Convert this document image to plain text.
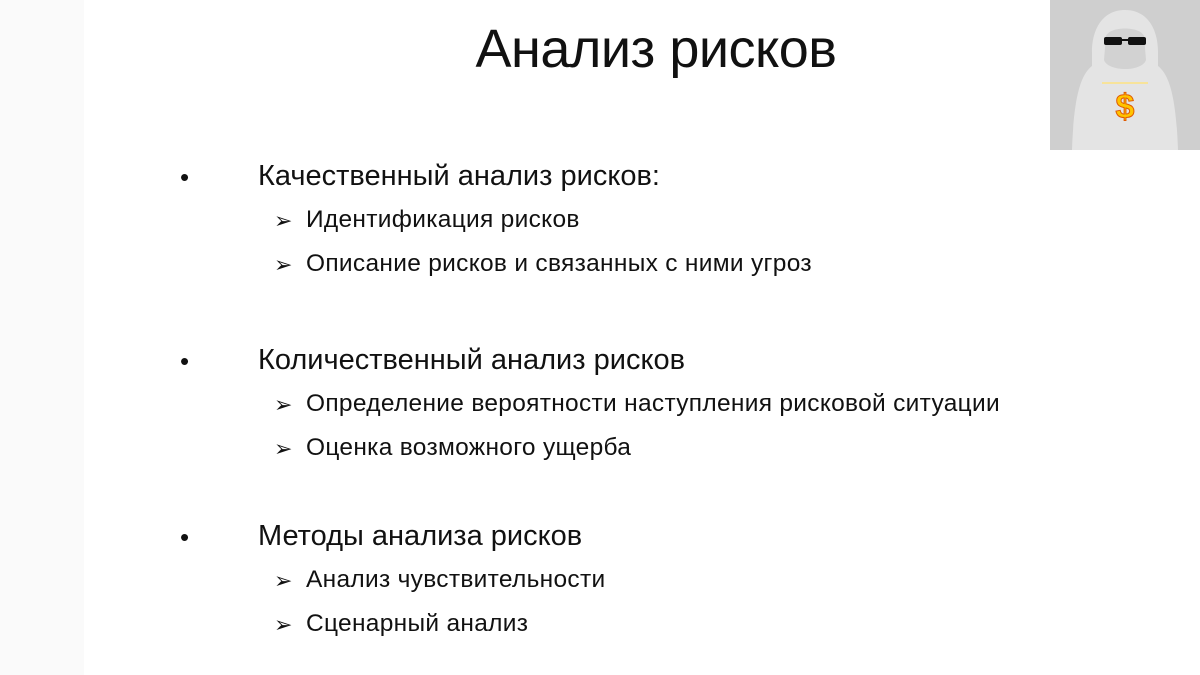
Анализ рисков
• Качественный анализ рисков:
➢ Идентификация рисков
➢ Описание рисков и связанных с ними угроз
• Количественный анализ рисков
➢ Определение вероятности наступления рисковой ситуации
➢ Оценка возможного ущерба
• Методы анализа рисков
➢ Анализ чувствительности
➢ Сценарный анализ
$
